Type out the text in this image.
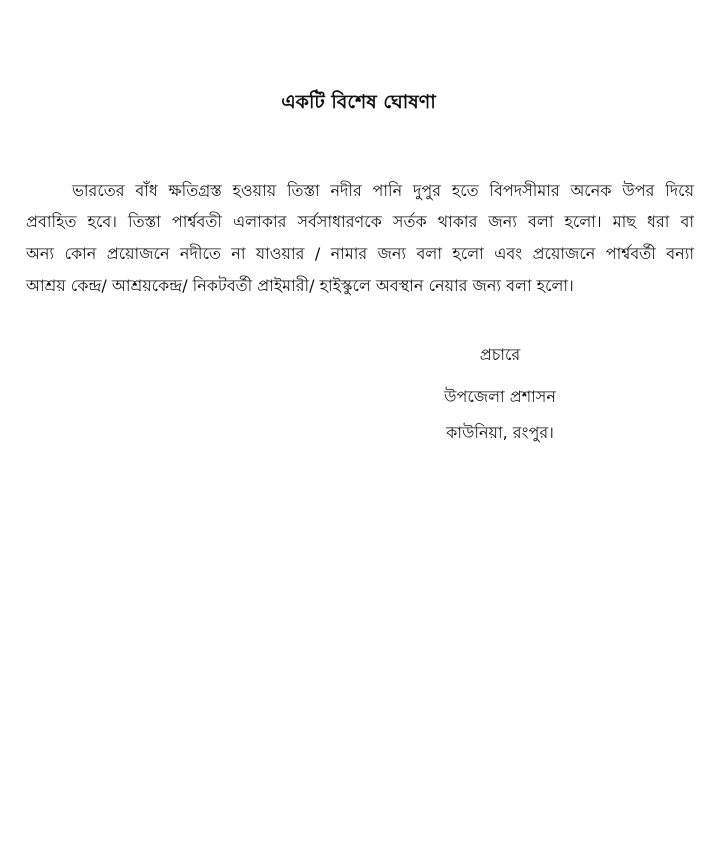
একটি বিশেষ ঘোষণা
ভারতের বাঁধ ক্ষতিগ্রস্ত হওয়ায় তিস্তা নদীর পানি দুপুর হতে বিপদসীমার অনেক উপর দিয়ে
প্রবাহিত হবে। তিস্তা পার্শ্ববতী এলাকার সর্বসাধারণকে সর্তক থাকার জন্য বলা হলো। মাছ ধরা বা
অন্য কোন প্রয়োজনে নদীতে না যাওয়ার / নামার জন্য বলা হলো এবং প্রয়োজনে পার্শ্ববর্তী বন্যা
আশ্রয় কেন্দ্র/ আশ্রয়কেন্দ্র/ নিকটবর্তী প্রাইমারী/ হাইস্কুলে অবস্থান নেয়ার জন্য বলা হলো।
প্রচারে
উপজেলা প্রশাসন
কাউনিয়া, রংপুর।
